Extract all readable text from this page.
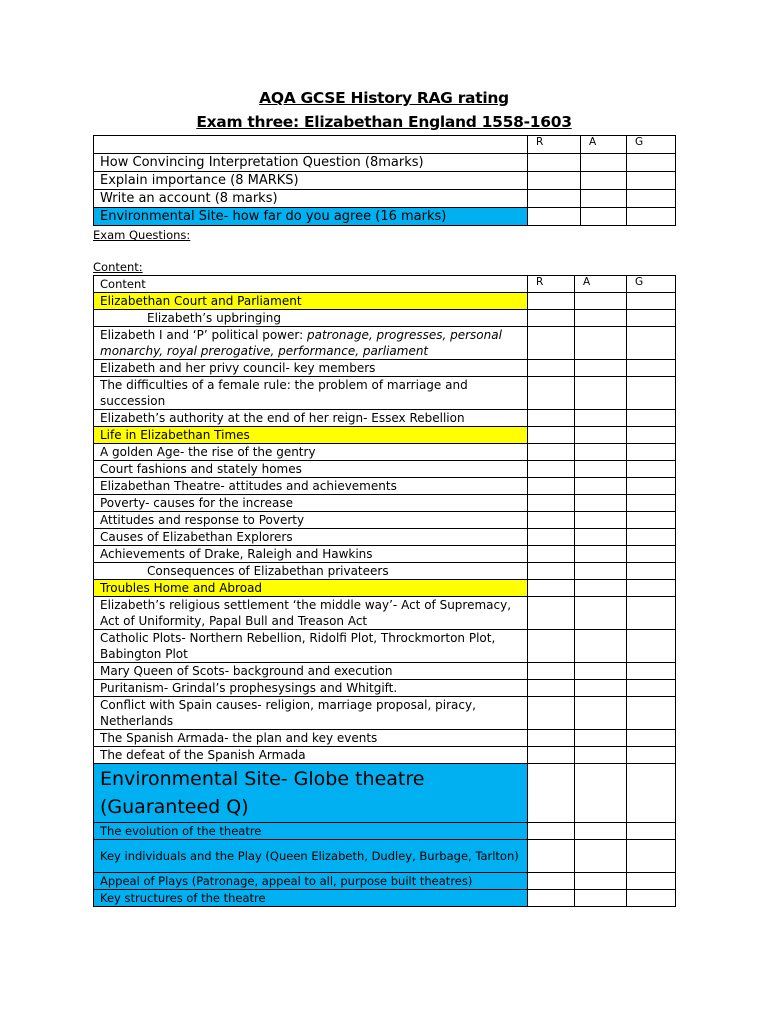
AQA GCSE History RAG rating
Exam three: Elizabethan England 1558-1603
	R	A	G
How Convincing Interpretation Question (8marks)			
Explain importance (8 MARKS)			
Write an account (8 marks)			
Environmental Site- how far do you agree (16 marks)			
Exam Questions:
Content:
Content	R	A	G
Elizabethan Court and Parliament			
Elizabeth’s upbringing			
Elizabeth I and ‘P’ political power: patronage, progresses, personal monarchy, royal prerogative, performance, parliament			
Elizabeth and her privy council- key members			
The difficulties of a female rule: the problem of marriage and succession			
Elizabeth’s authority at the end of her reign- Essex Rebellion			
Life in Elizabethan Times			
A golden Age- the rise of the gentry			
Court fashions and stately homes			
Elizabethan Theatre- attitudes and achievements			
Poverty- causes for the increase			
Attitudes and response to Poverty			
Causes of Elizabethan Explorers			
Achievements of Drake, Raleigh and Hawkins			
Consequences of Elizabethan privateers			
Troubles Home and Abroad			
Elizabeth’s religious settlement ‘the middle way’- Act of Supremacy, Act of Uniformity, Papal Bull and Treason Act			
Catholic Plots- Northern Rebellion, Ridolfi Plot, Throckmorton Plot, Babington Plot			
Mary Queen of Scots- background and execution			
Puritanism- Grindal’s prophesysings and Whitgift.			
Conflict with Spain causes- religion, marriage proposal, piracy, Netherlands			
The Spanish Armada- the plan and key events			
The defeat of the Spanish Armada			
Environmental Site- Globe theatre (Guaranteed Q)			
The evolution of the theatre			
Key individuals and the Play (Queen Elizabeth, Dudley, Burbage, Tarlton)			
Appeal of Plays (Patronage, appeal to all, purpose built theatres)			
Key structures of the theatre			
